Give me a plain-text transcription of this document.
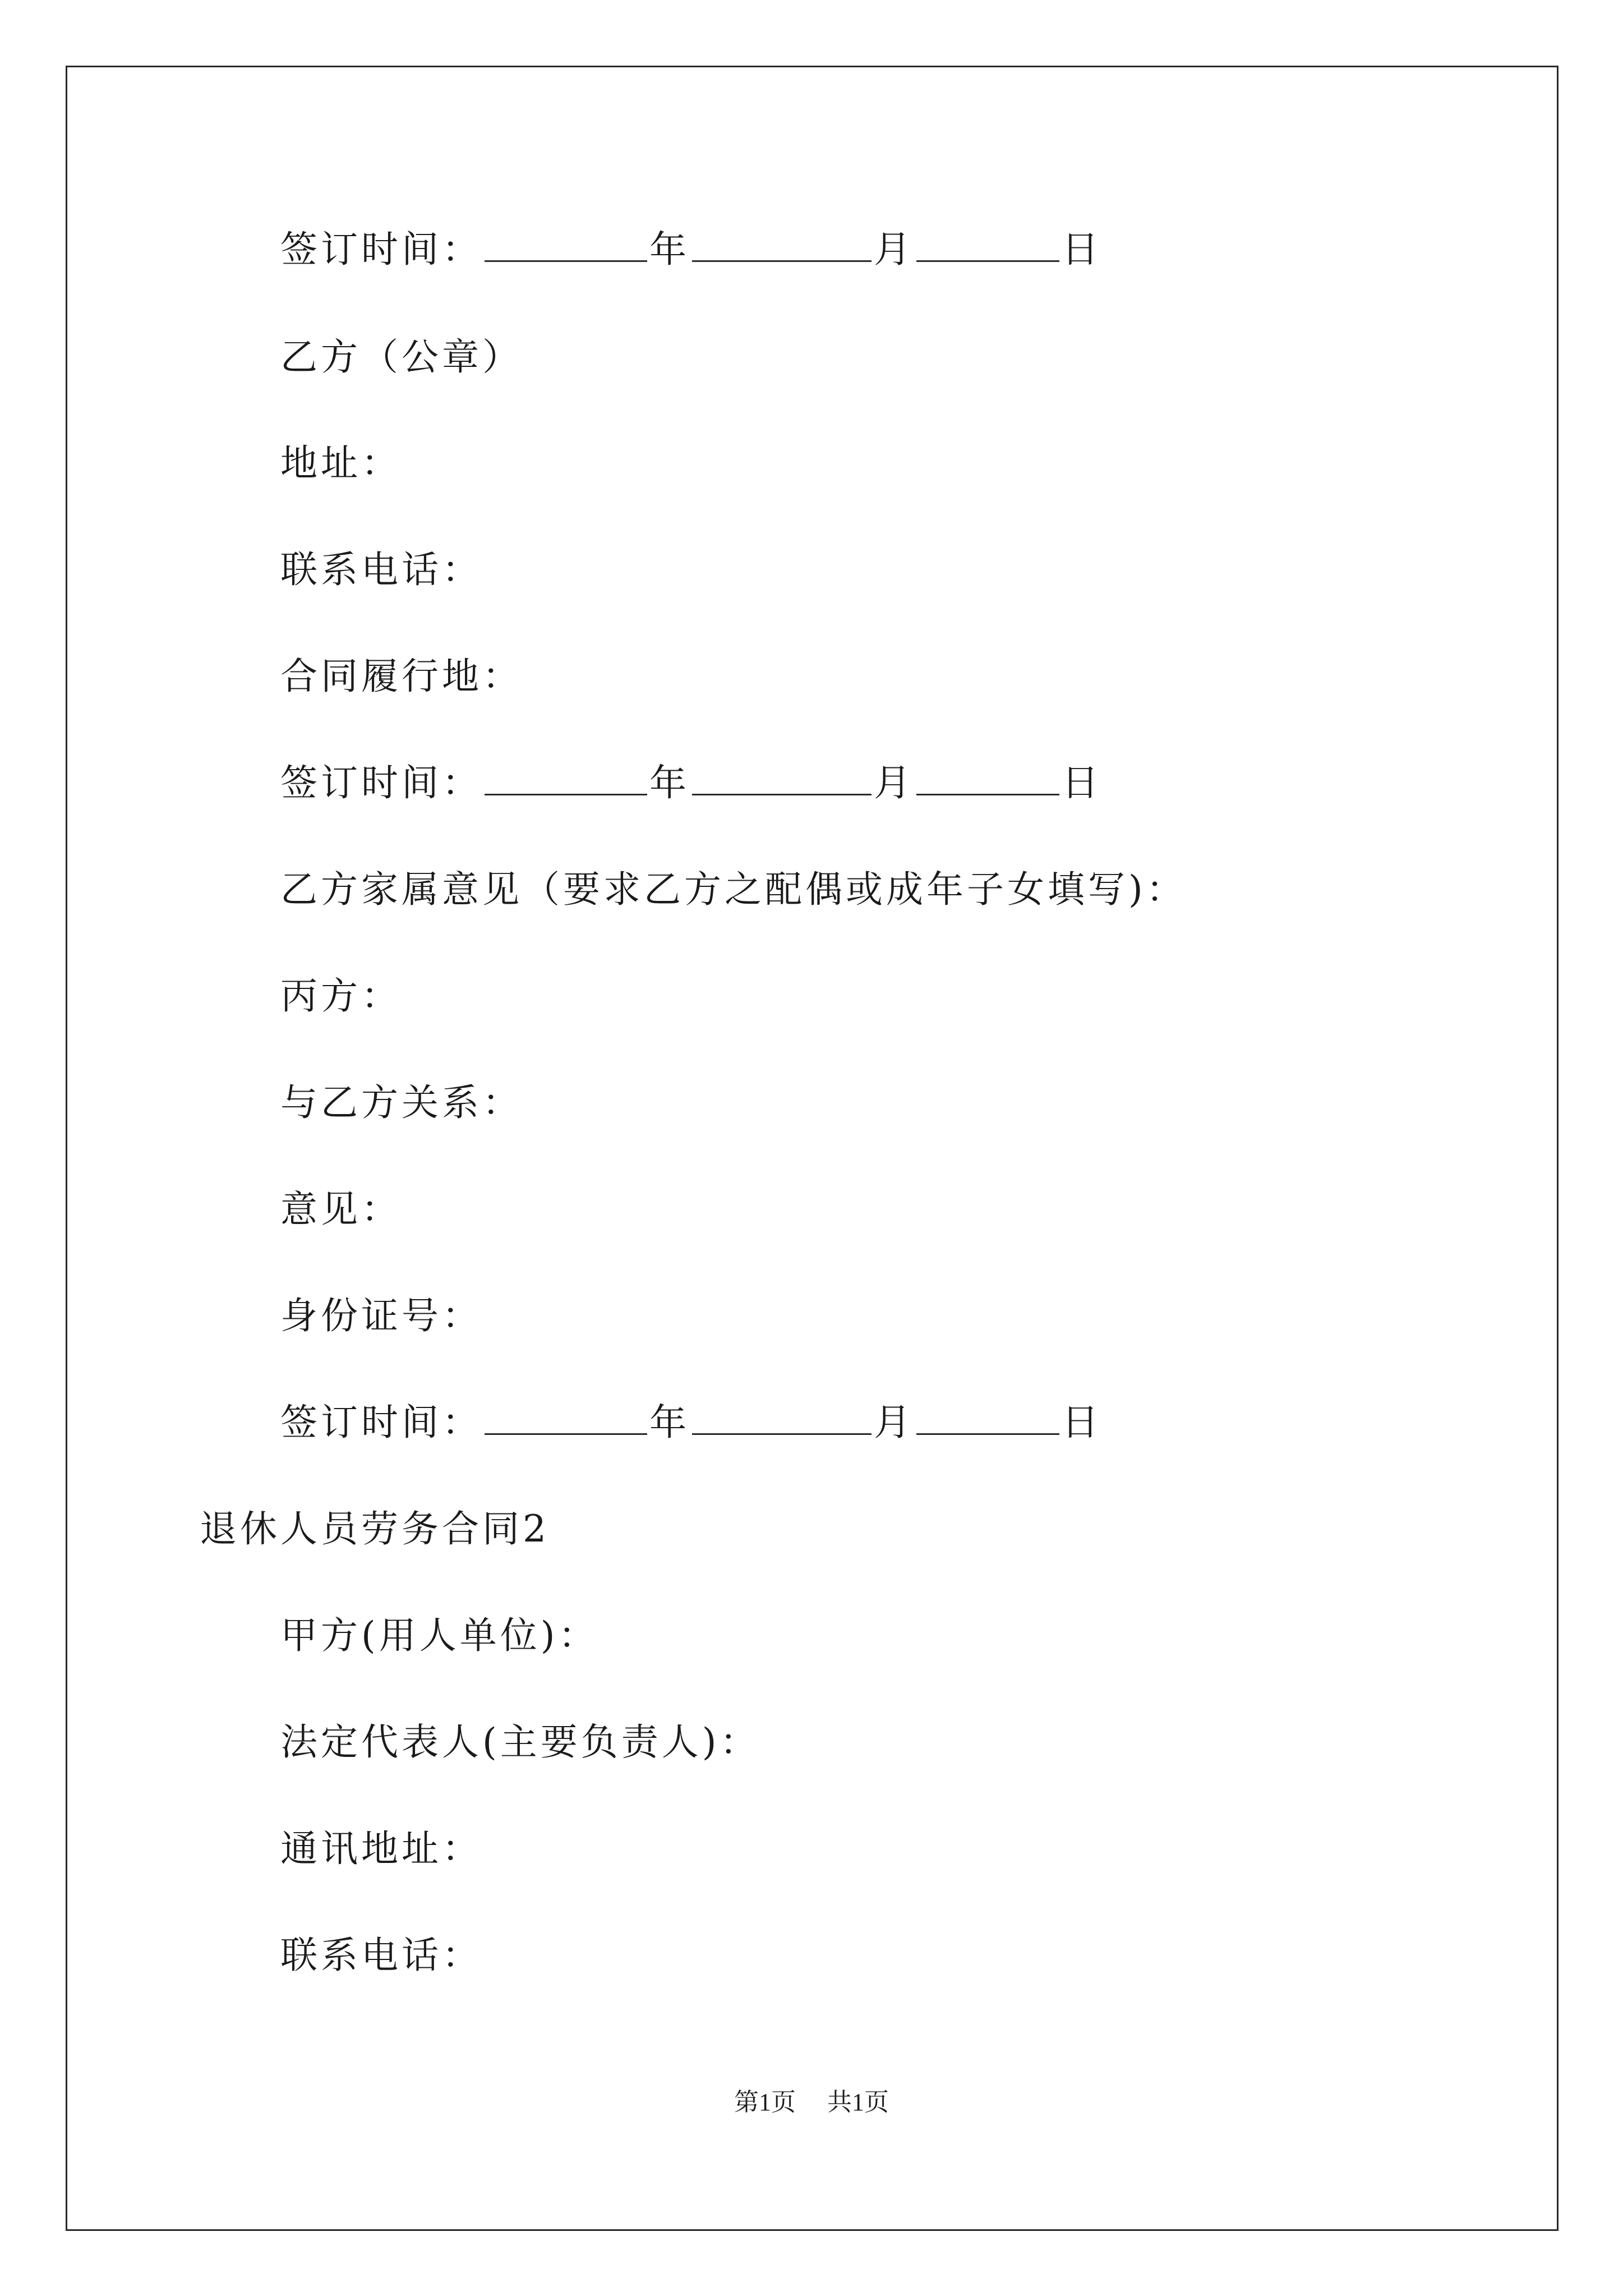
签订时间：	年	月	日
乙方（公章）
地址：
联系电话：
合同履行地：
签订时间：	年	月	日
乙方家属意见（要求乙方之配偶或成年子女填写)：
丙方：
与乙方关系：
意见：
身份证号：
签订时间：	年	月	日
退休人员劳务合同2
甲方(用人单位)：
法定代表人(主要负责人)：
通讯地址：
联系电话：
第1页 共1页
